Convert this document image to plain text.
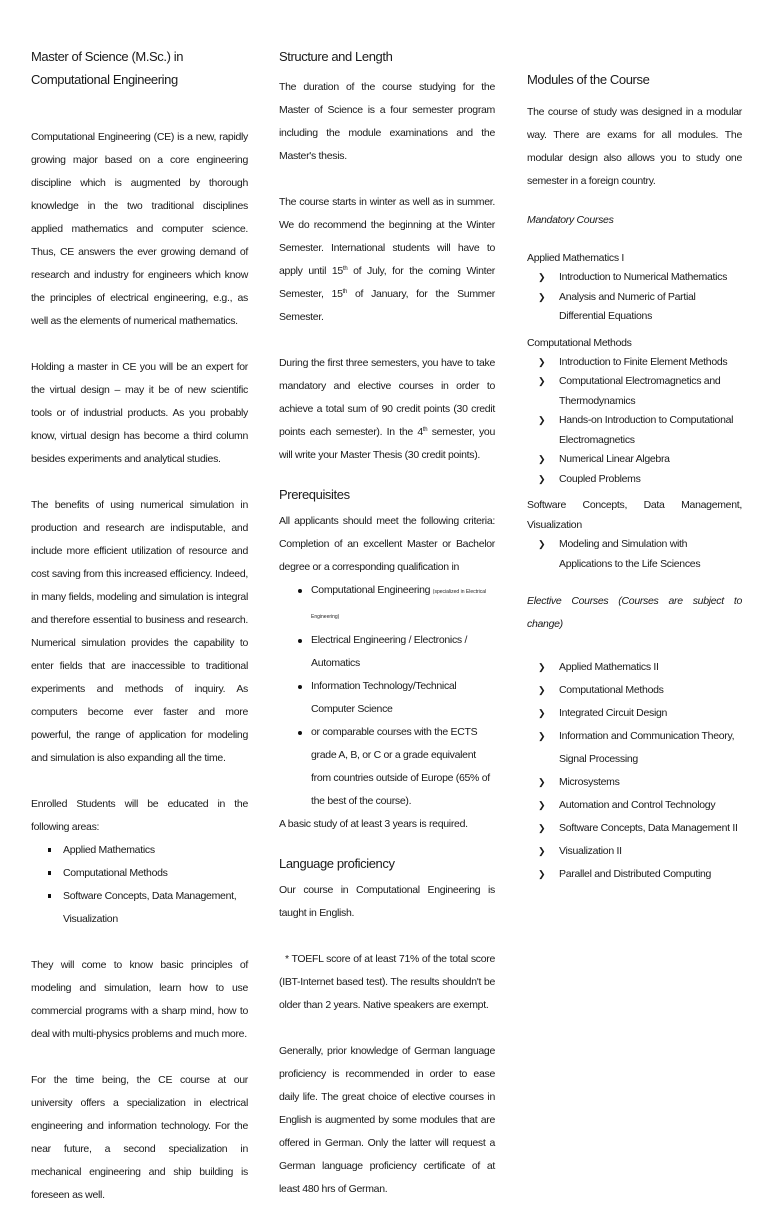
Master of Science (M.Sc.) in

Computational Engineering

Computational Engineering (CE) is a new, rapidly growing major based on a core engineering discipline which is augmented by thorough knowledge in the two traditional disciplines applied mathematics and computer science. Thus, CE answers the ever growing demand of research and industry for engineers which know the principles of electrical engineering, e.g., as well as the elements of numerical mathematics.

Holding a master in CE you will be an expert for the virtual design – may it be of new scientific tools or of industrial products. As you probably know, virtual design has become a third column besides experiments and analytical studies.

The benefits of using numerical simulation in production and research are indisputable, and include more efficient utilization of resource and cost saving from this increased efficiency. Indeed, in many fields, modeling and simulation is integral and therefore essential to business and research. Numerical simulation provides the capability to enter fields that are inaccessible to traditional experiments and methods of inquiry. As computers become ever faster and more powerful, the range of application for modeling and simulation is also expanding all the time.

Enrolled Students will be educated in the following areas:

Applied Mathematics
Computational Methods
Software Concepts, Data Management, Visualization

They will come to know basic principles of modeling and simulation, learn how to use commercial programs with a sharp mind, how to deal with multi-physics problems and much more.

For the time being, the CE course at our university offers a specialization in electrical engineering and information technology. For the near future, a second specialization in mechanical engineering and ship building is foreseen as well.

Structure and Length

The duration of the course studying for the Master of Science is a four semester program including the module examinations and the Master's thesis.

The course starts in winter as well as in summer. We do recommend the beginning at the Winter Semester. International students will have to apply until 15th of July, for the coming Winter Semester, 15th of January, for the Summer Semester.

During the first three semesters, you have to take mandatory and elective courses in order to achieve a total sum of 90 credit points (30 credit points each semester). In the 4th semester, you will write your Master Thesis (30 credit points).

Prerequisites

All applicants should meet the following criteria: Completion of an excellent Master or Bachelor degree or a corresponding qualification in

Computational Engineering (specialized in Electrical Engineering)
Electrical Engineering / Electronics / Automatics
Information Technology/Technical Computer Science
or comparable courses with the ECTS grade A, B, or C or a grade equivalent from countries outside of Europe (65% of the best of the course).

A basic study of at least 3 years is required.

Language proficiency

Our course in Computational Engineering is taught in English.

* TOEFL score of at least 71% of the total score (IBT-Internet based test). The results shouldn't be older than 2 years. Native speakers are exempt.

Generally, prior knowledge of German language proficiency is recommended in order to ease daily life. The great choice of elective courses in English is augmented by some modules that are offered in German. Only the latter will request a German language proficiency certificate of at least 480 hrs of German.

Modules of the Course

The course of study was designed in a modular way. There are exams for all modules. The modular design also allows you to study one semester in a foreign country.

Mandatory Courses

Applied Mathematics I

❯ Introduction to Numerical Mathematics
❯ Analysis and Numeric of Partial Differential Equations

Computational Methods

❯ Introduction to Finite Element Methods
❯ Computational Electromagnetics and Thermodynamics
❯ Hands-on Introduction to Computational Electromagnetics
❯ Numerical Linear Algebra
❯ Coupled Problems

Software Concepts, Data Management, Visualization

❯ Modeling and Simulation with Applications to the Life Sciences

Elective Courses (Courses are subject to change)

❯ Applied Mathematics II
❯ Computational Methods
❯ Integrated Circuit Design
❯ Information and Communication Theory, Signal Processing
❯ Microsystems
❯ Automation and Control Technology
❯ Software Concepts, Data Management II
❯ Visualization II
❯ Parallel and Distributed Computing
